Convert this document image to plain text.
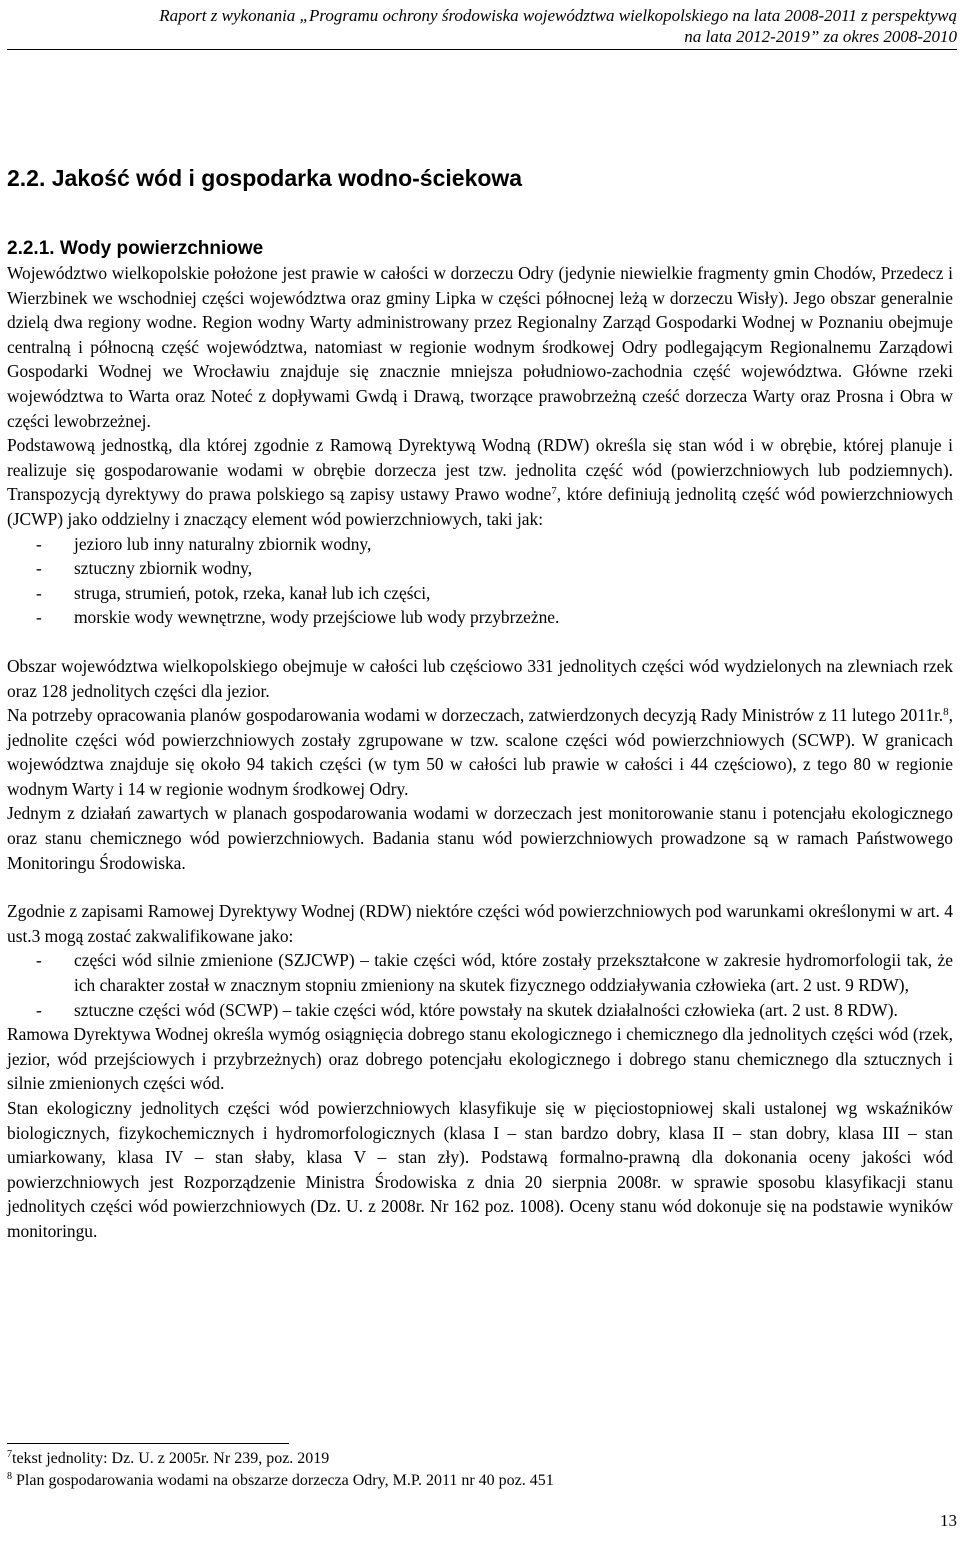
Raport z wykonania „Programu ochrony środowiska województwa wielkopolskiego na lata 2008-2011 z perspektywą
na lata 2012-2019” za okres 2008-2010
2.2. Jakość wód i gospodarka wodno-ściekowa
2.2.1. Wody powierzchniowe

Województwo wielkopolskie położone jest prawie w całości w dorzeczu Odry (jedynie niewielkie fragmenty gmin Chodów, Przedecz i Wierzbinek we wschodniej części województwa oraz gminy Lipka w części północnej leżą w dorzeczu Wisły). Jego obszar generalnie dzielą dwa regiony wodne. Region wodny Warty administrowany przez Regionalny Zarząd Gospodarki Wodnej w Poznaniu obejmuje centralną i północną część województwa, natomiast w regionie wodnym środkowej Odry podlegającym Regionalnemu Zarządowi Gospodarki Wodnej we Wrocławiu znajduje się znacznie mniejsza południowo-zachodnia część województwa. Główne rzeki województwa to Warta oraz Noteć z dopływami Gwdą i Drawą, tworzące prawobrzeżną cześć dorzecza Warty oraz Prosna i Obra w części lewobrzeżnej.

Podstawową jednostką, dla której zgodnie z Ramową Dyrektywą Wodną (RDW) określa się stan wód i w obrębie, której planuje i realizuje się gospodarowanie wodami w obrębie dorzecza jest tzw. jednolita część wód (powierzchniowych lub podziemnych). Transpozycją dyrektywy do prawa polskiego są zapisy ustawy Prawo wodne$^7$, które definiują jednolitą część wód powierzchniowych (JCWP) jako oddzielny i znaczący element wód powierzchniowych, taki jak:

- jezioro lub inny naturalny zbiornik wodny,
- sztuczny zbiornik wodny,
- struga, strumień, potok, rzeka, kanał lub ich części,
- morskie wody wewnętrzne, wody przejściowe lub wody przybrzeżne.

Obszar województwa wielkopolskiego obejmuje w całości lub częściowo 331 jednolitych części wód wydzielonych na zlewniach rzek oraz 128 jednolitych części dla jezior.

Na potrzeby opracowania planów gospodarowania wodami w dorzeczach, zatwierdzonych decyzją Rady Ministrów z 11 lutego 2011r.$^8$, jednolite części wód powierzchniowych zostały zgrupowane w tzw. scalone części wód powierzchniowych (SCWP). W granicach województwa znajduje się około 94 takich części (w tym 50 w całości lub prawie w całości i 44 częściowo), z tego 80 w regionie wodnym Warty i 14 w regionie wodnym środkowej Odry.

Jednym z działań zawartych w planach gospodarowania wodami w dorzeczach jest monitorowanie stanu i potencjału ekologicznego oraz stanu chemicznego wód powierzchniowych. Badania stanu wód powierzchniowych prowadzone są w ramach Państwowego Monitoringu Środowiska.

Zgodnie z zapisami Ramowej Dyrektywy Wodnej (RDW) niektóre części wód powierzchniowych pod warunkami określonymi w art. 4 ust.3 mogą zostać zakwalifikowane jako:

- części wód silnie zmienione (SZJCWP) – takie części wód, które zostały przekształcone w zakresie hydromorfologii tak, że ich charakter został w znacznym stopniu zmieniony na skutek fizycznego oddziaływania człowieka (art. 2 ust. 9 RDW),
- sztuczne części wód (SCWP) – takie części wód, które powstały na skutek działalności człowieka (art. 2 ust. 8 RDW).

Ramowa Dyrektywa Wodnej określa wymóg osiągnięcia dobrego stanu ekologicznego i chemicznego dla jednolitych części wód (rzek, jezior, wód przejściowych i przybrzeżnych) oraz dobrego potencjału ekologicznego i dobrego stanu chemicznego dla sztucznych i silnie zmienionych części wód.

Stan ekologiczny jednolitych części wód powierzchniowych klasyfikuje się w pięciostopniowej skali ustalonej wg wskaźników biologicznych, fizykochemicznych i hydromorfologicznych (klasa I – stan bardzo dobry, klasa II – stan dobry, klasa III – stan umiarkowany, klasa IV – stan słaby, klasa V – stan zły). Podstawą formalno-prawną dla dokonania oceny jakości wód powierzchniowych jest Rozporządzenie Ministra Środowiska z dnia 20 sierpnia 2008r. w sprawie sposobu klasyfikacji stanu jednolitych części wód powierzchniowych (Dz. U. z 2008r. Nr 162 poz. 1008). Oceny stanu wód dokonuje się na podstawie wyników monitoringu.

$^7$tekst jednolity: Dz. U. z 2005r. Nr 239, poz. 2019
$^8$ Plan gospodarowania wodami na obszarze dorzecza Odry, M.P. 2011 nr 40 poz. 451
13
